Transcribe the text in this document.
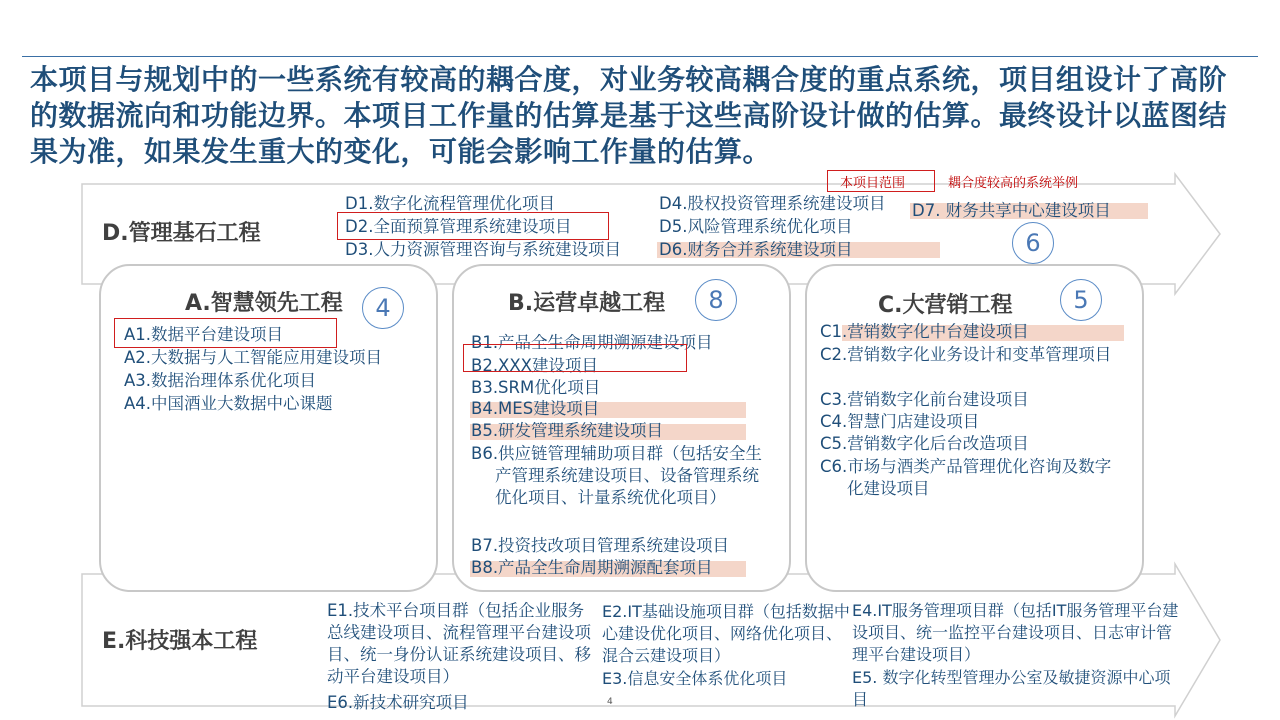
本项目与规划中的一些系统有较高的耦合度，对业务较高耦合度的重点系统，项目组设计了高阶的数据流向和功能边界。本项目工作量的估算是基于这些高阶设计做的估算。最终设计以蓝图结果为准，如果发生重大的变化，可能会影响工作量的估算。
本项目范围	耦合度较高的系统举例
D.管理基石工程
D1.数字化流程管理优化项目
D2.全面预算管理系统建设项目
D3.人力资源管理咨询与系统建设项目
D4.股权投资管理系统建设项目
D5.风险管理系统优化项目
D6.财务合并系统建设项目
D7. 财务共享中心建设项目
6
A.智慧领先工程	4
A1.数据平台建设项目
A2.大数据与人工智能应用建设项目
A3.数据治理体系优化项目
A4.中国酒业大数据中心课题
B.运营卓越工程	8
B1.产品全生命周期溯源建设项目
B2.XXX建设项目
B3.SRM优化项目
B4.MES建设项目
B5.研发管理系统建设项目
B6.供应链管理辅助项目群（包括安全生产管理系统建设项目、设备管理系统优化项目、计量系统优化项目）
B7.投资技改项目管理系统建设项目
B8.产品全生命周期溯源配套项目
C.大营销工程	5
C1.营销数字化中台建设项目
C2.营销数字化业务设计和变革管理项目
C3.营销数字化前台建设项目
C4.智慧门店建设项目
C5.营销数字化后台改造项目
C6.市场与酒类产品管理优化咨询及数字化建设项目
E.科技强本工程
E1.技术平台项目群（包括企业服务总线建设项目、流程管理平台建设项目、统一身份认证系统建设项目、移动平台建设项目）
E2.IT基础设施项目群（包括数据中心建设优化项目、网络优化项目、混合云建设项目）
E3.信息安全体系优化项目
E4.IT服务管理项目群（包括IT服务管理平台建设项目、统一监控平台建设项目、日志审计管理平台建设项目）
E5. 数字化转型管理办公室及敏捷资源中心项目
E6.新技术研究项目	4
